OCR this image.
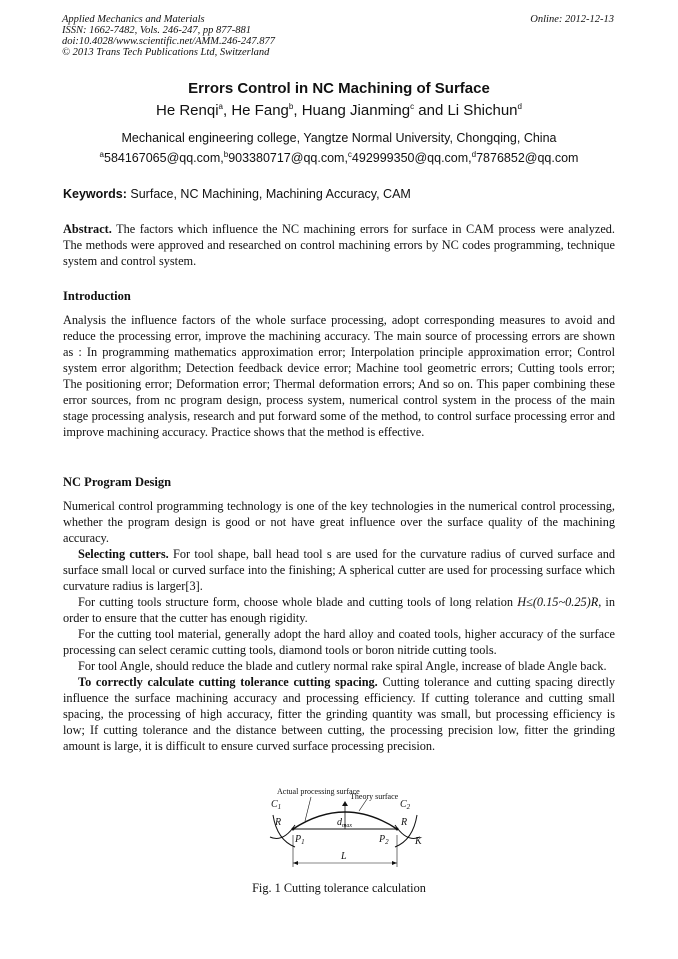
Applied Mechanics and Materials
ISSN: 1662-7482, Vols. 246-247, pp 877-881
doi:10.4028/www.scientific.net/AMM.246-247.877
© 2013 Trans Tech Publications Ltd, Switzerland
Online: 2012-12-13
Errors Control in NC Machining of Surface
He Renqi$^a$, He Fang$^b$, Huang Jianming$^c$ and Li Shichun$^d$
Mechanical engineering college, Yangtze Normal University, Chongqing, China
$^a$584167065@qq.com,$^b$903380717@qq.com,$^c$492999350@qq.com,$^d$7876852@qq.com
Keywords: Surface, NC Machining, Machining Accuracy, CAM

Abstract. The factors which influence the NC machining errors for surface in CAM process were analyzed. The methods were approved and researched on control machining errors by NC codes programming, technique system and control system.

Introduction

Analysis the influence factors of the whole surface processing, adopt corresponding measures to avoid and reduce the processing error, improve the machining accuracy. The main source of processing errors are shown as : In programming mathematics approximation error; Interpolation principle approximation error; Control system error algorithm; Detection feedback device error; Machine tool geometric errors; Cutting tools error; The positioning error; Deformation error; Thermal deformation errors; And so on. This paper combining these error sources, from nc program design, process system, numerical control system in the process of the main stage processing analysis, research and put forward some of the method, to control surface processing error and improve machining accuracy. Practice shows that the method is effective.

NC Program Design

Numerical control programming technology is one of the key technologies in the numerical control processing, whether the program design is good or not have great influence over the surface quality of the machining accuracy.

Selecting cutters. For tool shape, ball head tool s are used for the curvature radius of curved surface and surface small local or curved surface into the finishing; A spherical cutter are used for processing surface which curvature radius is larger[3].

For cutting tools structure form, choose whole blade and cutting tools of long relation H≤(0.15~0.25)R, in order to ensure that the cutter has enough rigidity.

For the cutting tool material, generally adopt the hard alloy and coated tools, higher accuracy of the surface processing can select ceramic cutting tools, diamond tools or boron nitride cutting tools.

For tool Angle, should reduce the blade and cutlery normal rake spiral Angle, increase of blade Angle back.

To correctly calculate cutting tolerance cutting spacing. Cutting tolerance and cutting spacing directly influence the surface machining accuracy and processing efficiency. If cutting tolerance and cutting small spacing, the processing of high accuracy, fitter the grinding quantity was small, but processing efficiency is low; If cutting tolerance and the distance between cutting, the processing precision low, fitter the grinding amount is large, it is difficult to ensure curved surface processing precision.

Actual processing surface
Theory surface
$C_1$	$C_2$
R	R
$d_{max}$
$P_1$	$P_2$	K
L
Fig. 1 Cutting tolerance calculation
